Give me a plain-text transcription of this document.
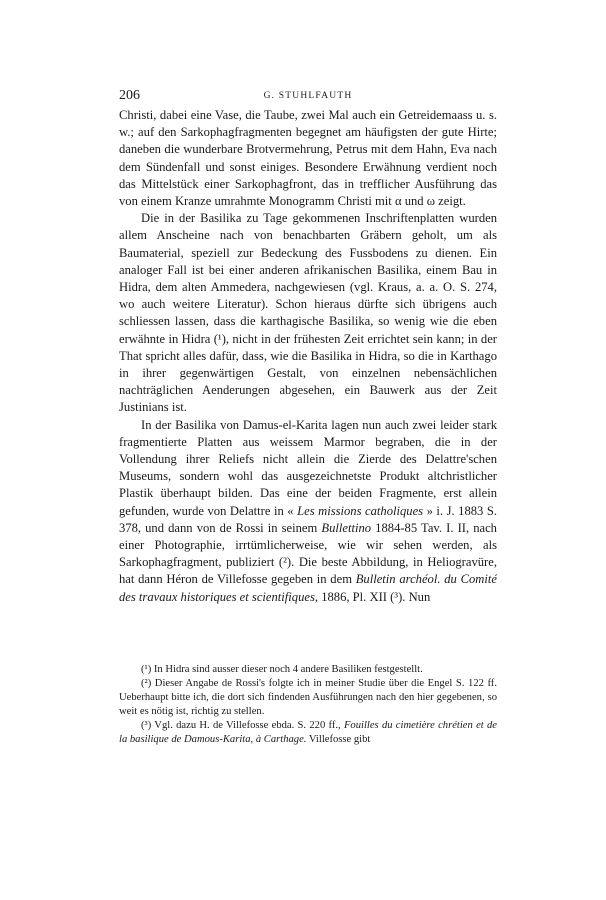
206	G. STUHLFAUTH

Christi, dabei eine Vase, die Taube, zwei Mal auch ein Getreidemaass u. s. w.; auf den Sarkophagfragmenten begegnet am häufigsten der gute Hirte; daneben die wunderbare Brotvermehrung, Petrus mit dem Hahn, Eva nach dem Sündenfall und sonst einiges. Besondere Erwähnung verdient noch das Mittelstück einer Sarkophagfront, das in trefflicher Ausführung das von einem Kranze umrahmte Monogramm Christi mit α und ω zeigt.

Die in der Basilika zu Tage gekommenen Inschriftenplatten wurden allem Anscheine nach von benachbarten Gräbern geholt, um als Baumaterial, speziell zur Bedeckung des Fussbodens zu dienen. Ein analoger Fall ist bei einer anderen afrikanischen Basilika, einem Bau in Hidra, dem alten Ammedera, nachgewiesen (vgl. Kraus, a. a. O. S. 274, wo auch weitere Literatur). Schon hieraus dürfte sich übrigens auch schliessen lassen, dass die karthagische Basilika, so wenig wie die eben erwähnte in Hidra (¹), nicht in der frühesten Zeit errichtet sein kann; in der That spricht alles dafür, dass, wie die Basilika in Hidra, so die in Karthago in ihrer gegenwärtigen Gestalt, von einzelnen nebensächlichen nachträglichen Aenderungen abgesehen, ein Bauwerk aus der Zeit Justinians ist.

In der Basilika von Damus-el-Karita lagen nun auch zwei leider stark fragmentierte Platten aus weissem Marmor begraben, die in der Vollendung ihrer Reliefs nicht allein die Zierde des Delattre'schen Museums, sondern wohl das ausgezeichnetste Produkt altchristlicher Plastik überhaupt bilden. Das eine der beiden Fragmente, erst allein gefunden, wurde von Delattre in « Les missions catholiques » i. J. 1883 S. 378, und dann von de Rossi in seinem Bullettino 1884-85 Tav. I. II, nach einer Photographie, irrtümlicherweise, wie wir sehen werden, als Sarkophagfragment, publiziert (²). Die beste Abbildung, in Heliogravüre, hat dann Héron de Villefosse gegeben in dem Bulletin archéol. du Comité des travaux historiques et scientifiques, 1886, Pl. XII (³). Nun

(¹) In Hidra sind ausser dieser noch 4 andere Basiliken festgestellt.

(²) Dieser Angabe de Rossi's folgte ich in meiner Studie über die Engel S. 122 ff. Ueberhaupt bitte ich, die dort sich findenden Ausführungen nach den hier gegebenen, so weit es nötig ist, richtig zu stellen.

(³) Vgl. dazu H. de Villefosse ebda. S. 220 ff., Fouilles du cimetière chrétien et de la basilique de Damous-Karita, à Carthage. Villefosse gibt
